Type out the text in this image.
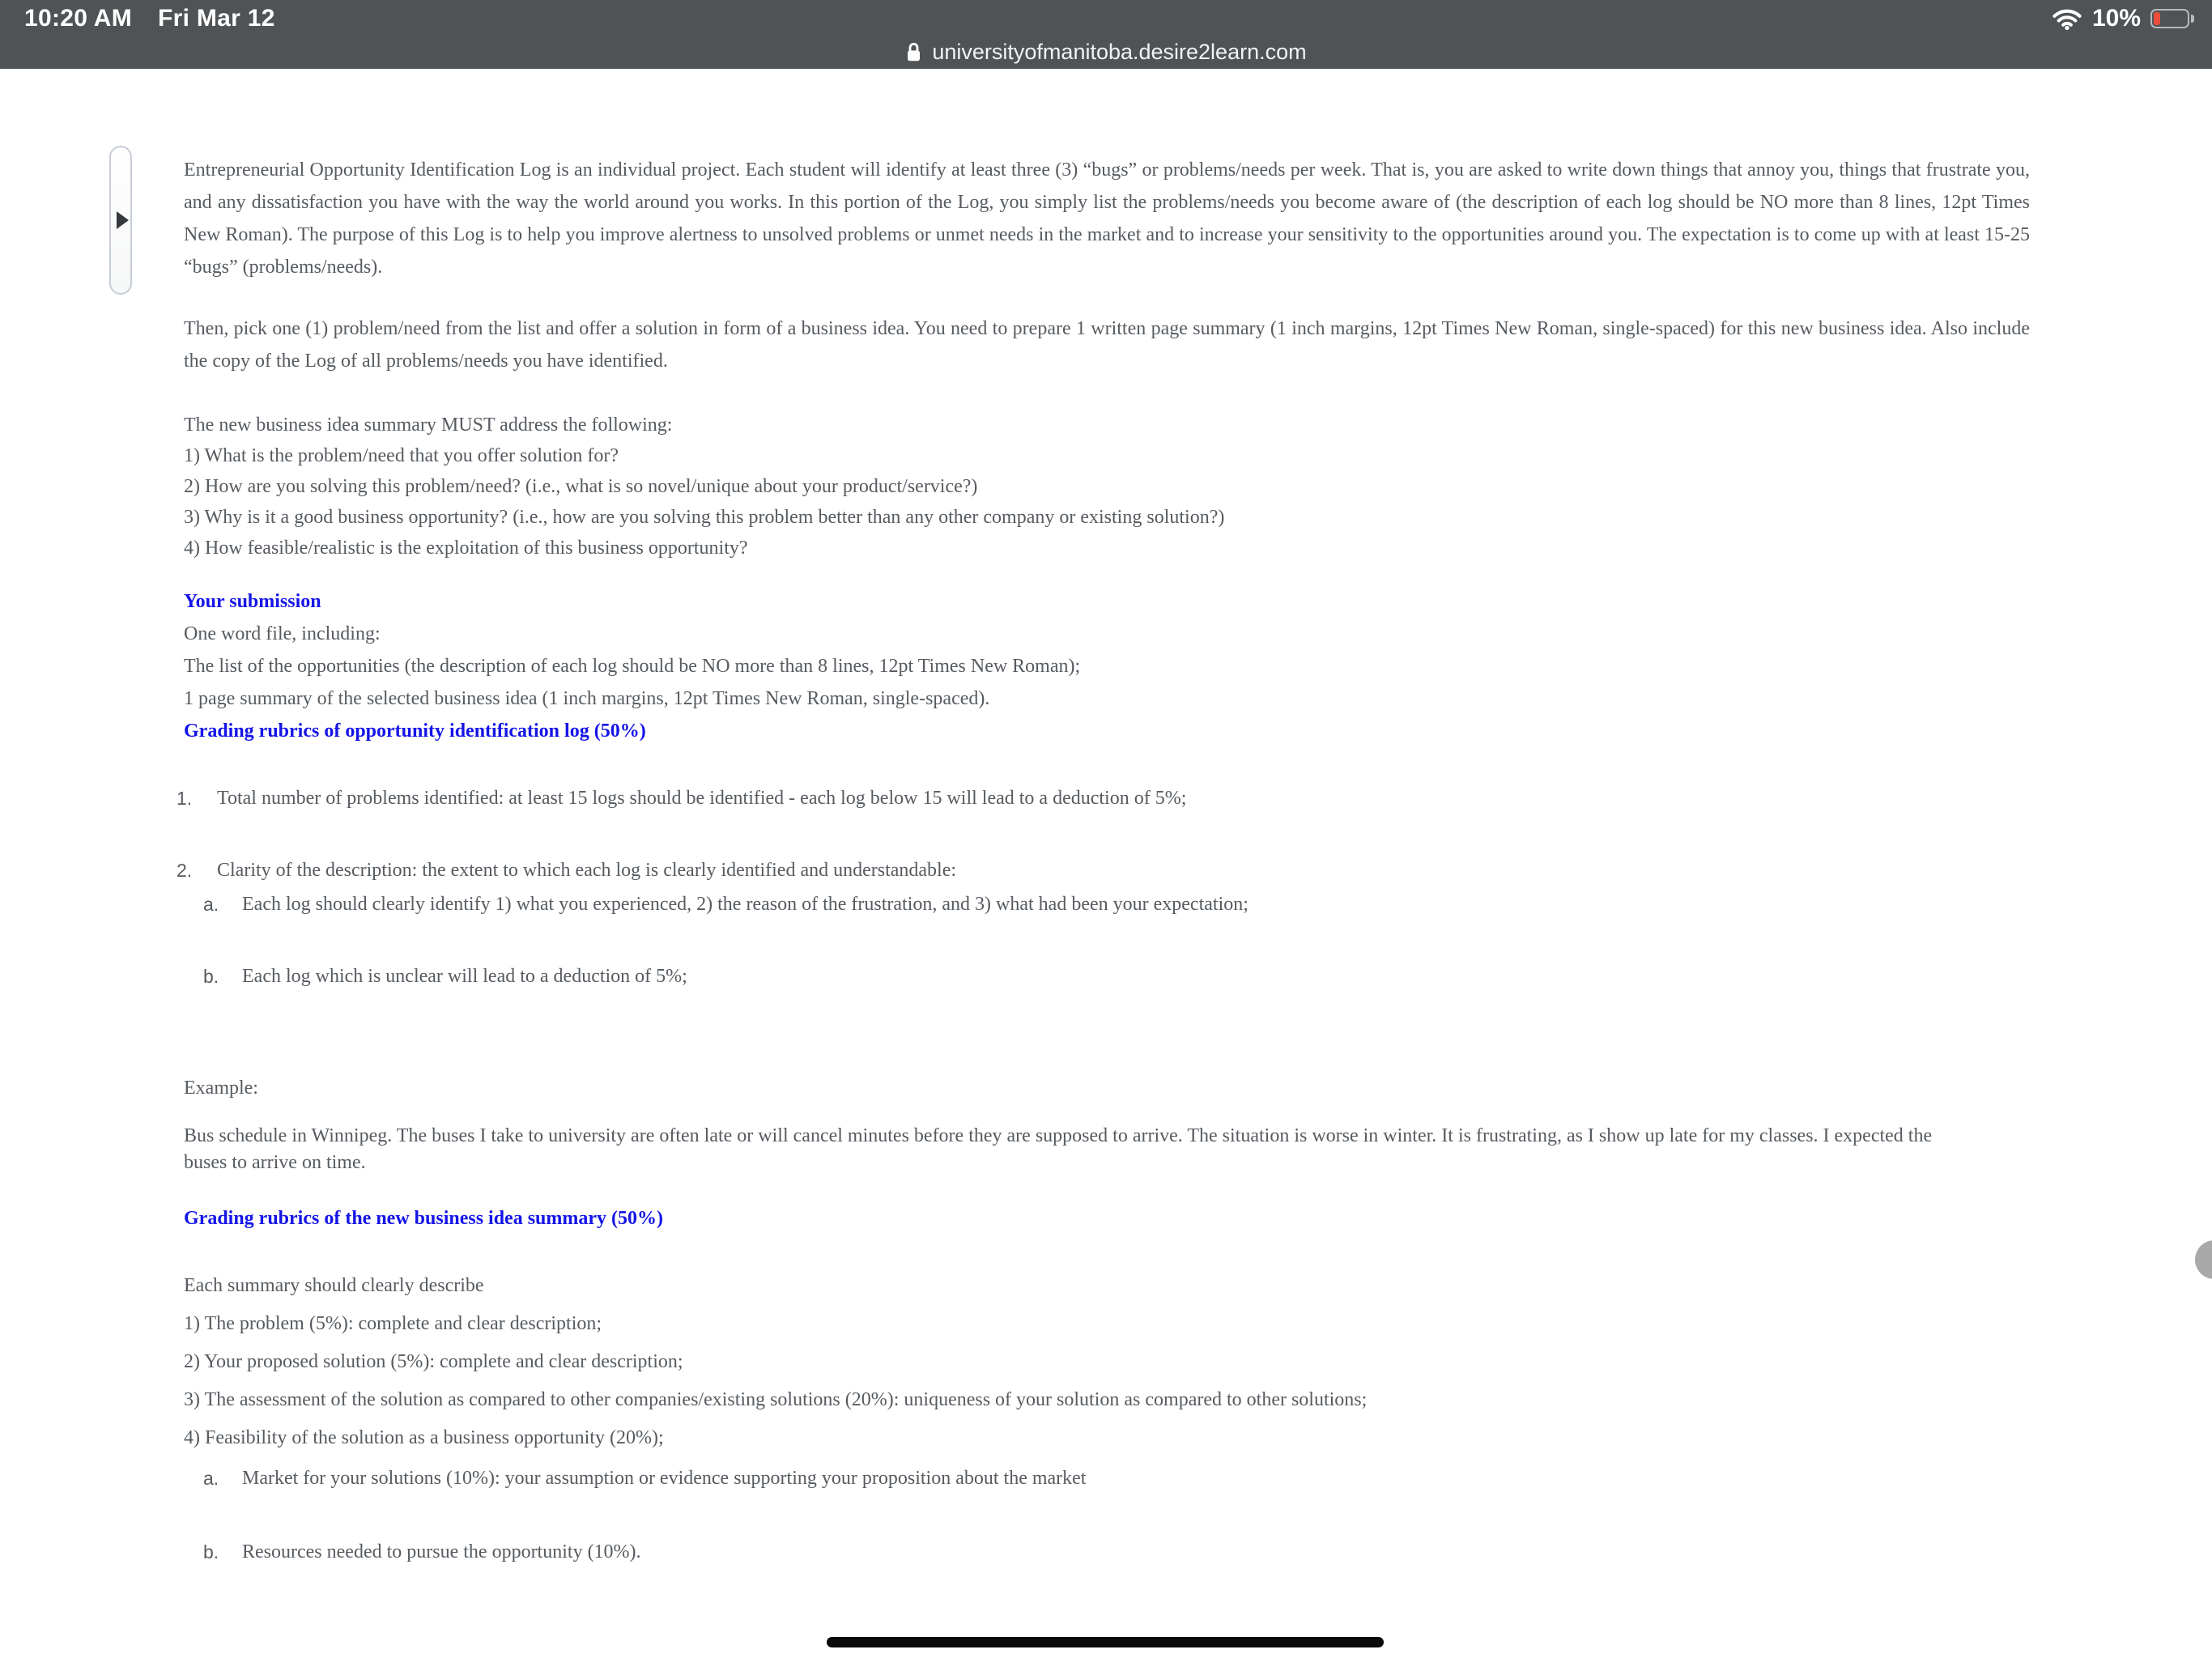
10:20 AM Fri Mar 12	10%
universityofmanitoba.desire2learn.com

Entrepreneurial Opportunity Identification Log is an individual project. Each student will identify at least three (3) “bugs” or problems/needs per week. That is, you are asked to write down things that annoy you, things that frustrate you, and any dissatisfaction you have with the way the world around you works. In this portion of the Log, you simply list the problems/needs you become aware of (the description of each log should be NO more than 8 lines, 12pt Times New Roman). The purpose of this Log is to help you improve alertness to unsolved problems or unmet needs in the market and to increase your sensitivity to the opportunities around you. The expectation is to come up with at least 15-25 “bugs” (problems/needs).

Then, pick one (1) problem/need from the list and offer a solution in form of a business idea. You need to prepare 1 written page summary (1 inch margins, 12pt Times New Roman, single-spaced) for this new business idea. Also include the copy of the Log of all problems/needs you have identified.

The new business idea summary MUST address the following:

1) What is the problem/need that you offer solution for?

2) How are you solving this problem/need? (i.e., what is so novel/unique about your product/service?)

3) Why is it a good business opportunity? (i.e., how are you solving this problem better than any other company or existing solution?)

4) How feasible/realistic is the exploitation of this business opportunity?

Your submission

One word file, including:

The list of the opportunities (the description of each log should be NO more than 8 lines, 12pt Times New Roman);

1 page summary of the selected business idea (1 inch margins, 12pt Times New Roman, single-spaced).

Grading rubrics of opportunity identification log (50%)

1.	Total number of problems identified: at least 15 logs should be identified - each log below 15 will lead to a deduction of 5%;
2.	Clarity of the description: the extent to which each log is clearly identified and understandable:
a.	Each log should clearly identify 1) what you experienced, 2) the reason of the frustration, and 3) what had been your expectation;
b.	Each log which is unclear will lead to a deduction of 5%;

Example:

Bus schedule in Winnipeg. The buses I take to university are often late or will cancel minutes before they are supposed to arrive. The situation is worse in winter. It is frustrating, as I show up late for my classes. I expected the buses to arrive on time.

Grading rubrics of the new business idea summary (50%)

Each summary should clearly describe

1) The problem (5%): complete and clear description;

2) Your proposed solution (5%): complete and clear description;

3) The assessment of the solution as compared to other companies/existing solutions (20%): uniqueness of your solution as compared to other solutions;

4) Feasibility of the solution as a business opportunity (20%);

a.	Market for your solutions (10%): your assumption or evidence supporting your proposition about the market
b.	Resources needed to pursue the opportunity (10%).
